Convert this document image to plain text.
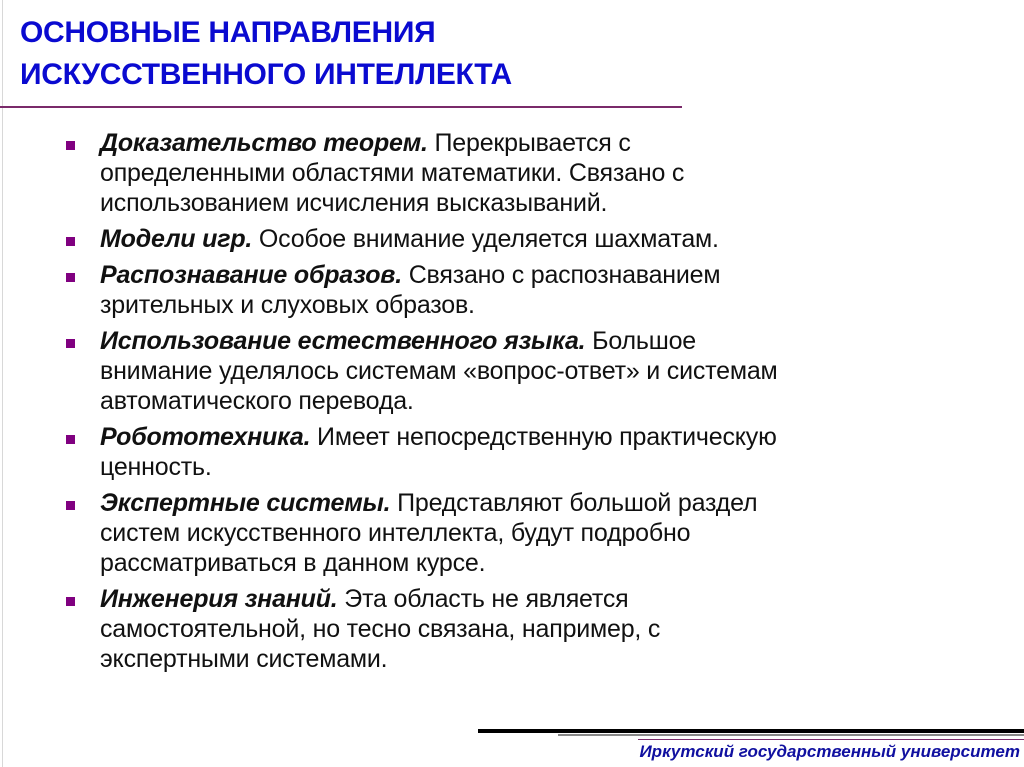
ОСНОВНЫЕ НАПРАВЛЕНИЯ
ИСКУССТВЕННОГО ИНТЕЛЛЕКТА
Доказательство теорем. Перекрывается с
определенными областями математики. Связано с
использованием исчисления высказываний.
Модели игр. Особое внимание уделяется шахматам.
Распознавание образов. Связано с распознаванием
зрительных и слуховых образов.
Использование естественного языка. Большое
внимание уделялось системам «вопрос-ответ» и системам
автоматического перевода.
Робототехника. Имеет непосредственную практическую
ценность.
Экспертные системы. Представляют большой раздел
систем искусственного интеллекта, будут подробно
рассматриваться в данном курсе.
Инженерия знаний. Эта область не является
самостоятельной, но тесно связана, например, с
экспертными системами.
Иркутский государственный университет
